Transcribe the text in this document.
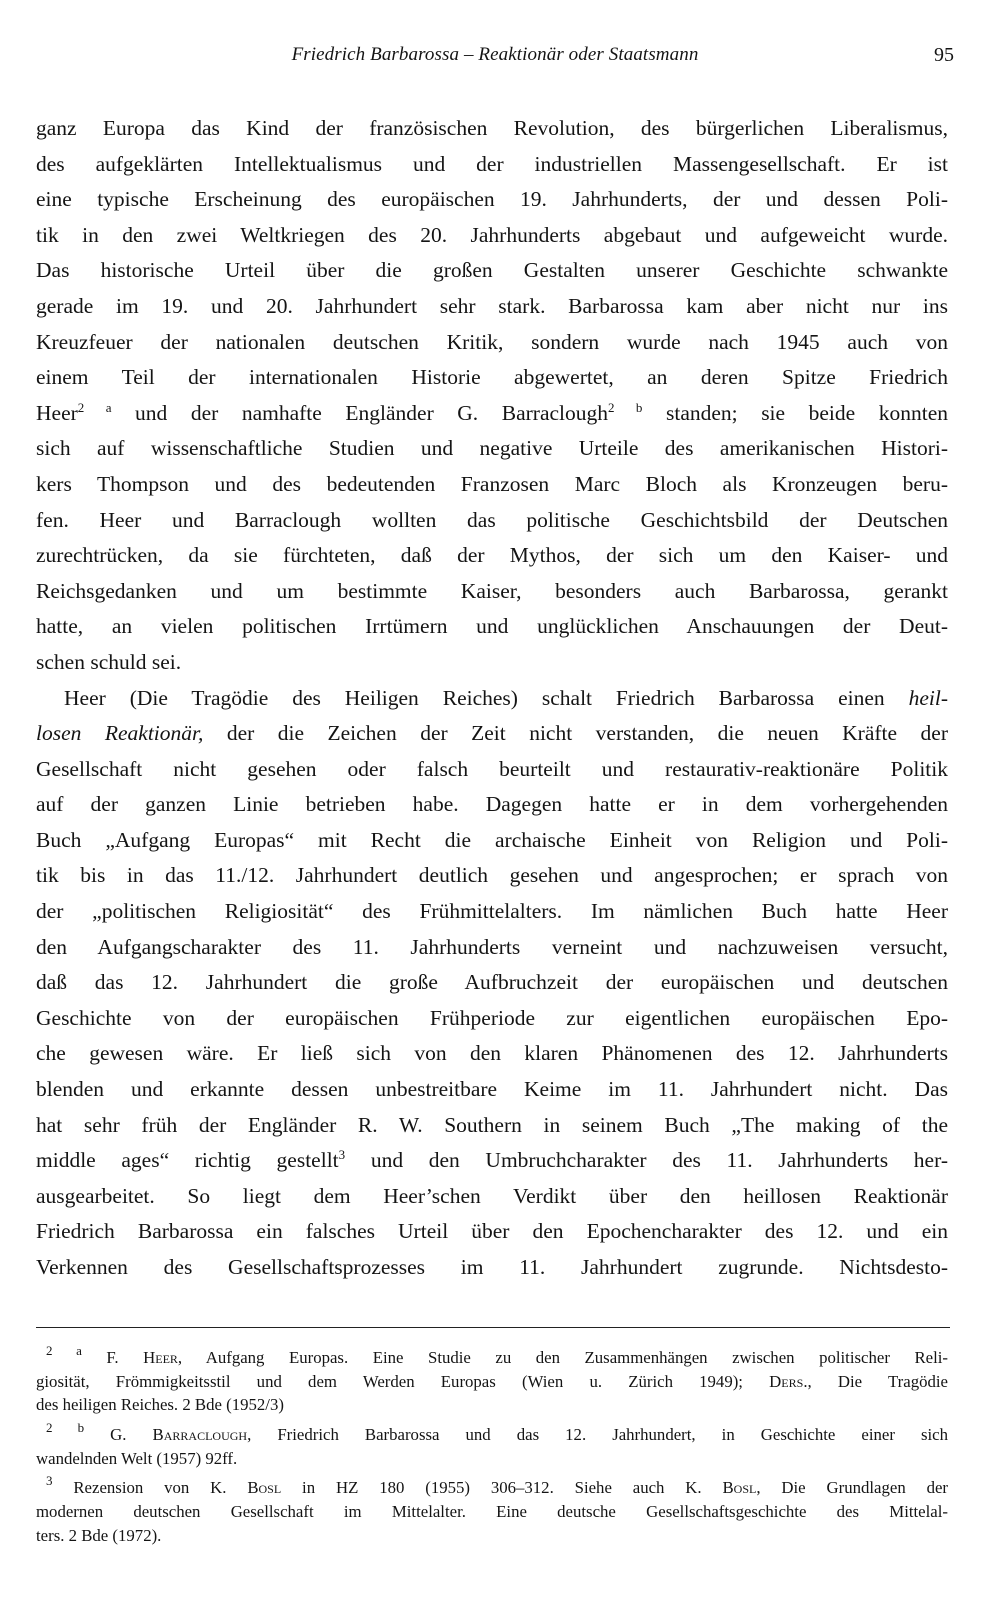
Friedrich Barbarossa – Reaktionär oder Staatsmann	95
ganz Europa das Kind der französischen Revolution, des bürgerlichen Liberalismus,
des aufgeklärten Intellektualismus und der industriellen Massengesellschaft. Er ist
eine typische Erscheinung des europäischen 19. Jahrhunderts, der und dessen Poli-
tik in den zwei Weltkriegen des 20. Jahrhunderts abgebaut und aufgeweicht wurde.
Das historische Urteil über die großen Gestalten unserer Geschichte schwankte
gerade im 19. und 20. Jahrhundert sehr stark. Barbarossa kam aber nicht nur ins
Kreuzfeuer der nationalen deutschen Kritik, sondern wurde nach 1945 auch von
einem Teil der internationalen Historie abgewertet, an deren Spitze Friedrich
Heer$^{2 a}$ und der namhafte Engländer G. Barraclough$^{2 b}$ standen; sie beide konnten
sich auf wissenschaftliche Studien und negative Urteile des amerikanischen Histori-
kers Thompson und des bedeutenden Franzosen Marc Bloch als Kronzeugen beru-
fen. Heer und Barraclough wollten das politische Geschichtsbild der Deutschen
zurechtrücken, da sie fürchteten, daß der Mythos, der sich um den Kaiser- und
Reichsgedanken und um bestimmte Kaiser, besonders auch Barbarossa, gerankt
hatte, an vielen politischen Irrtümern und unglücklichen Anschauungen der Deut-
schen schuld sei.
Heer (Die Tragödie des Heiligen Reiches) schalt Friedrich Barbarossa einen heil-
losen Reaktionär, der die Zeichen der Zeit nicht verstanden, die neuen Kräfte der
Gesellschaft nicht gesehen oder falsch beurteilt und restaurativ-reaktionäre Politik
auf der ganzen Linie betrieben habe. Dagegen hatte er in dem vorhergehenden
Buch „Aufgang Europas“ mit Recht die archaische Einheit von Religion und Poli-
tik bis in das 11./12. Jahrhundert deutlich gesehen und angesprochen; er sprach von
der „politischen Religiosität“ des Frühmittelalters. Im nämlichen Buch hatte Heer
den Aufgangscharakter des 11. Jahrhunderts verneint und nachzuweisen versucht,
daß das 12. Jahrhundert die große Aufbruchzeit der europäischen und deutschen
Geschichte von der europäischen Frühperiode zur eigentlichen europäischen Epo-
che gewesen wäre. Er ließ sich von den klaren Phänomenen des 12. Jahrhunderts
blenden und erkannte dessen unbestreitbare Keime im 11. Jahrhundert nicht. Das
hat sehr früh der Engländer R. W. Southern in seinem Buch „The making of the
middle ages“ richtig gestellt$^3$ und den Umbruchcharakter des 11. Jahrhunderts her-
ausgearbeitet. So liegt dem Heer’schen Verdikt über den heillosen Reaktionär
Friedrich Barbarossa ein falsches Urteil über den Epochencharakter des 12. und ein
Verkennen des Gesellschaftsprozesses im 11. Jahrhundert zugrunde. Nichtsdesto-
$^{2 a}$ F. Heer, Aufgang Europas. Eine Studie zu den Zusammenhängen zwischen politischer Reli-
giosität, Frömmigkeitsstil und dem Werden Europas (Wien u. Zürich 1949); Ders., Die Tragödie
des heiligen Reiches. 2 Bde (1952/3)
$^{2 b}$ G. Barraclough, Friedrich Barbarossa und das 12. Jahrhundert, in Geschichte einer sich
wandelnden Welt (1957) 92ff.
$^3$ Rezension von K. Bosl in HZ 180 (1955) 306–312. Siehe auch K. Bosl, Die Grundlagen der
modernen deutschen Gesellschaft im Mittelalter. Eine deutsche Gesellschaftsgeschichte des Mittelal-
ters. 2 Bde (1972).
